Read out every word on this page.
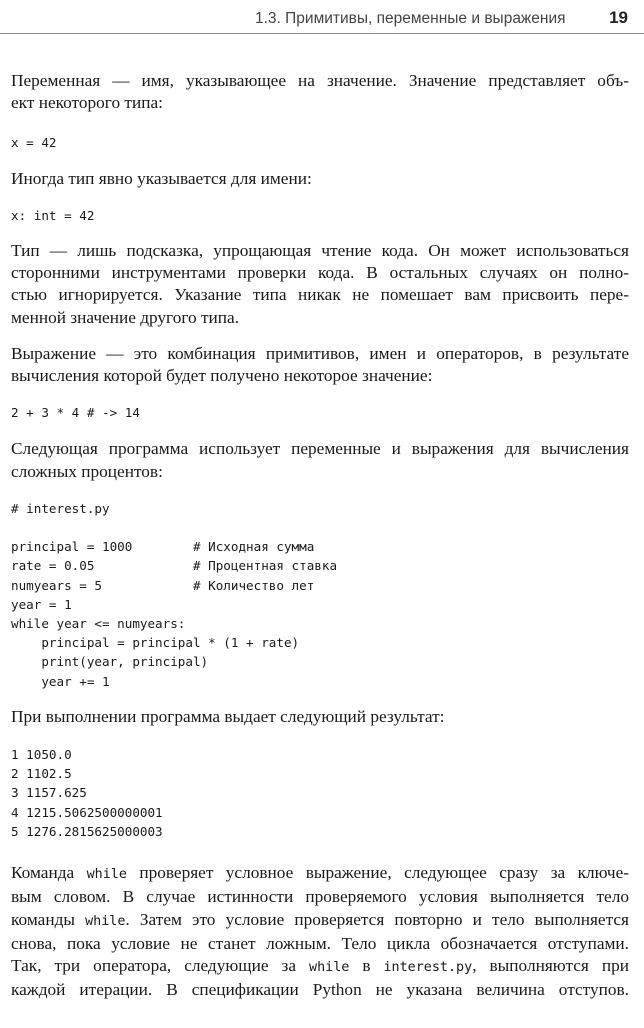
1.3. Примитивы, переменные и выражения	19

Переменная — имя, указывающее на значение. Значение представляет объ-
ект некоторого типа:

x = 42

Иногда тип явно указывается для имени:

x: int = 42

Тип — лишь подсказка, упрощающая чтение кода. Он может использоваться
сторонними инструментами проверки кода. В остальных случаях он полно-
стью игнорируется. Указание типа никак не помешает вам присвоить пере-
менной значение другого типа.

Выражение — это комбинация примитивов, имен и операторов, в результате
вычисления которой будет получено некоторое значение:

2 + 3 * 4 # -> 14

Следующая программа использует переменные и выражения для вычисления
сложных процентов:

# interest.py

principal = 1000        # Исходная сумма
rate = 0.05             # Процентная ставка
numyears = 5            # Количество лет
year = 1
while year <= numyears:
principal = principal * (1 + rate)
print(year, principal)
year += 1

При выполнении программа выдает следующий результат:

1 1050.0
2 1102.5
3 1157.625
4 1215.5062500000001
5 1276.2815625000003

Команда while проверяет условное выражение, следующее сразу за ключе-
вым словом. В случае истинности проверяемого условия выполняется тело
команды while. Затем это условие проверяется повторно и тело выполняется
снова, пока условие не станет ложным. Тело цикла обозначается отступами.
Так, три оператора, следующие за while в interest.py, выполняются при
каждой итерации. В спецификации Python не указана величина отступов.
